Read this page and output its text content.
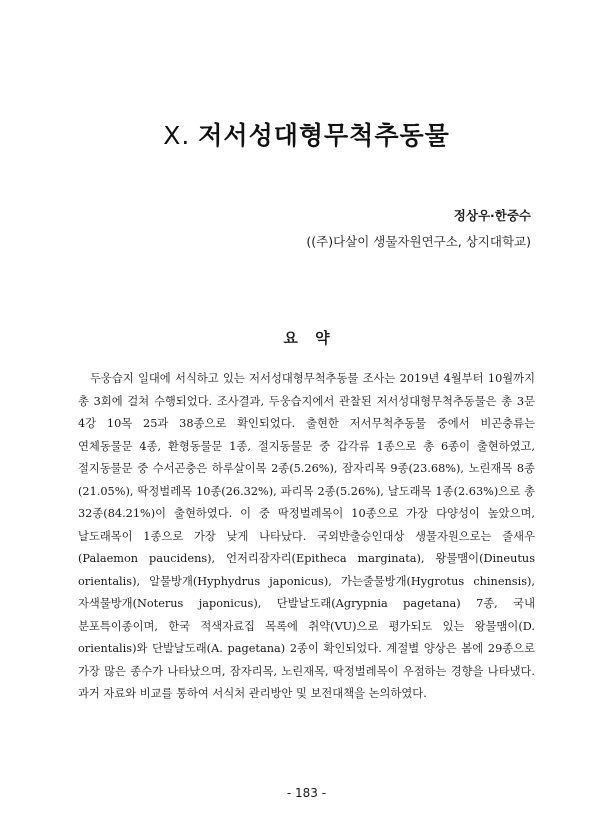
X. 저서성대형무척추동물

정상우·한중수

((주)다살이 생물자원연구소, 상지대학교)

요 약

두웅습지 일대에 서식하고 있는 저서성대형무척추동물 조사는 2019년 4월부터 10월까지 총 3회에 걸쳐 수행되었다. 조사결과, 두웅습지에서 관찰된 저서성대형무척추동물은 총 3문 4강 10목 25과 38종으로 확인되었다. 출현한 저서무척추동물 중에서 비곤충류는 연체동물문 4종, 환형동물문 1종, 절지동물문 중 갑각류 1종으로 총 6종이 출현하였고, 절지동물문 중 수서곤충은 하루살이목 2종(5.26%), 잠자리목 9종(23.68%), 노린재목 8종(21.05%), 딱정벌레목 10종(26.32%), 파리목 2종(5.26%), 날도래목 1종(2.63%)으로 총 32종(84.21%)이 출현하였다. 이 중 딱정벌레목이 10종으로 가장 다양성이 높았으며, 날도래목이 1종으로 가장 낮게 나타났다. 국외반출승인대상 생물자원으로는 줄새우(Palaemon paucidens), 언저리잠자리(Epitheca marginata), 왕물맴이(Dineutus orientalis), 알물방개(Hyphydrus japonicus), 가는줄물방개(Hygrotus chinensis), 자색물방개(Noterus japonicus), 단발날도래(Agrypnia pagetana) 7종, 국내 분포특이종이며, 한국 적색자료집 목록에 취약(VU)으로 평가되도 있는 왕물맴이(D. orientalis)와 단발날도래(A. pagetana) 2종이 확인되었다. 계절별 양상은 봄에 29종으로 가장 많은 종수가 나타났으며, 잠자리목, 노린재목, 딱정벌레목이 우점하는 경향을 나타냈다. 과거 자료와 비교를 통하여 서식처 관리방안 및 보전대책을 논의하였다.

- 183 -
